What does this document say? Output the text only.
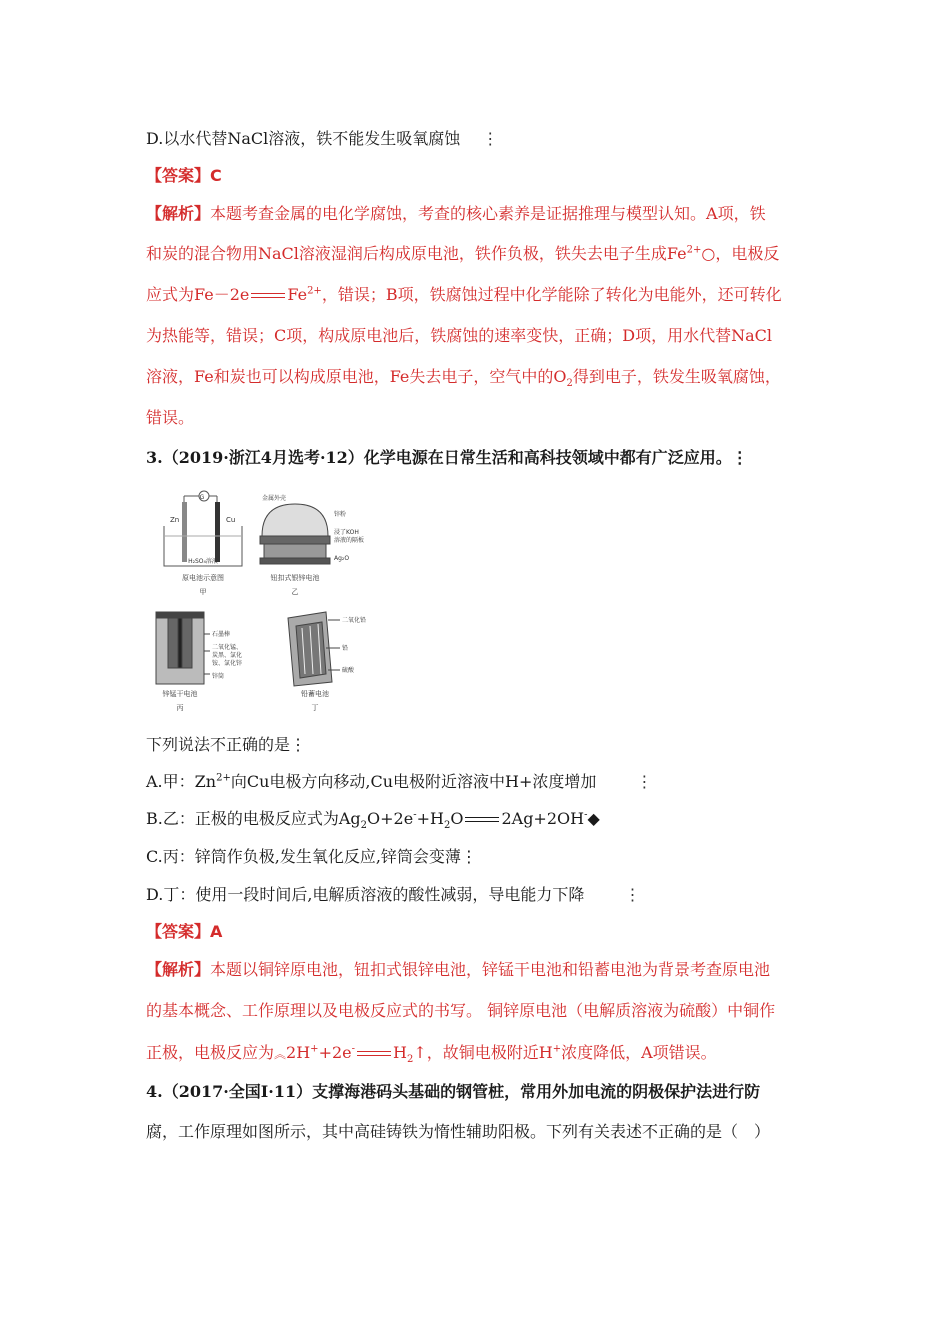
D.以水代替NaCl溶液，铁不能发生吸氧腐蚀 ⋮
【答案】C
【解析】本题考查金属的电化学腐蚀，考查的核心素养是证据推理与模型认知。A项，铁
和炭的混合物用NaCl溶液湿润后构成原电池，铁作负极，铁失去电子生成$Fe^{2+}○$，电极反
应式为Fe－2e $Fe^{2+}$，错误；B项，铁腐蚀过程中化学能除了转化为电能外，还可转化
为热能等，错误；C项，构成原电池后，铁腐蚀的速率变快，正确；D项，用水代替NaCl
溶液，Fe和炭也可以构成原电池，Fe失去电子，空气中的$O_2$得到电子，铁发生吸氧腐蚀，
错误。
3.（2019·浙江4月选考·12）化学电源在日常生活和高科技领域中都有广泛应用。⋮
G
Zn	Cu
H₂SO₄溶液
原电池示意图
甲
金属外壳
锌粉
浸了KOH
溶液的隔板
Ag₂O
钮扣式银锌电池
乙
石墨棒
二氧化锰、
炭黑、氯化
铵、氯化锌
锌筒
锌锰干电池
丙
二氧化铅
铅
硫酸
铅蓄电池
丁
下列说法不正确的是⋮
A.甲：$Zn^{2+}$向Cu电极方向移动,Cu电极附近溶液中H+浓度增加	⋮
B.乙：正极的电极反应式为$Ag_2O+2e^-+H_2O$ 2Ag+2OH-◆
C.丙：锌筒作负极,发生氧化反应,锌筒会变薄⋮
D.丁：使用一段时间后,电解质溶液的酸性减弱，导电能力下降	⋮
【答案】A
【解析】本题以铜锌原电池，钮扣式银锌电池，锌锰干电池和铅蓄电池为背景考查原电池
的基本概念、工作原理以及电极反应式的书写。 铜锌原电池（电解质溶液为硫酸）中铜作
正极，电极反应为︽2H++2e- $H_2↑$，故铜电极附近H+浓度降低，A项错误。
4.（2017·全国Ⅰ·11）支撑海港码头基础的钢管桩，常用外加电流的阴极保护法进行防
腐，工作原理如图所示，其中高硅铸铁为惰性辅助阳极。下列有关表述不正确的是（　）
